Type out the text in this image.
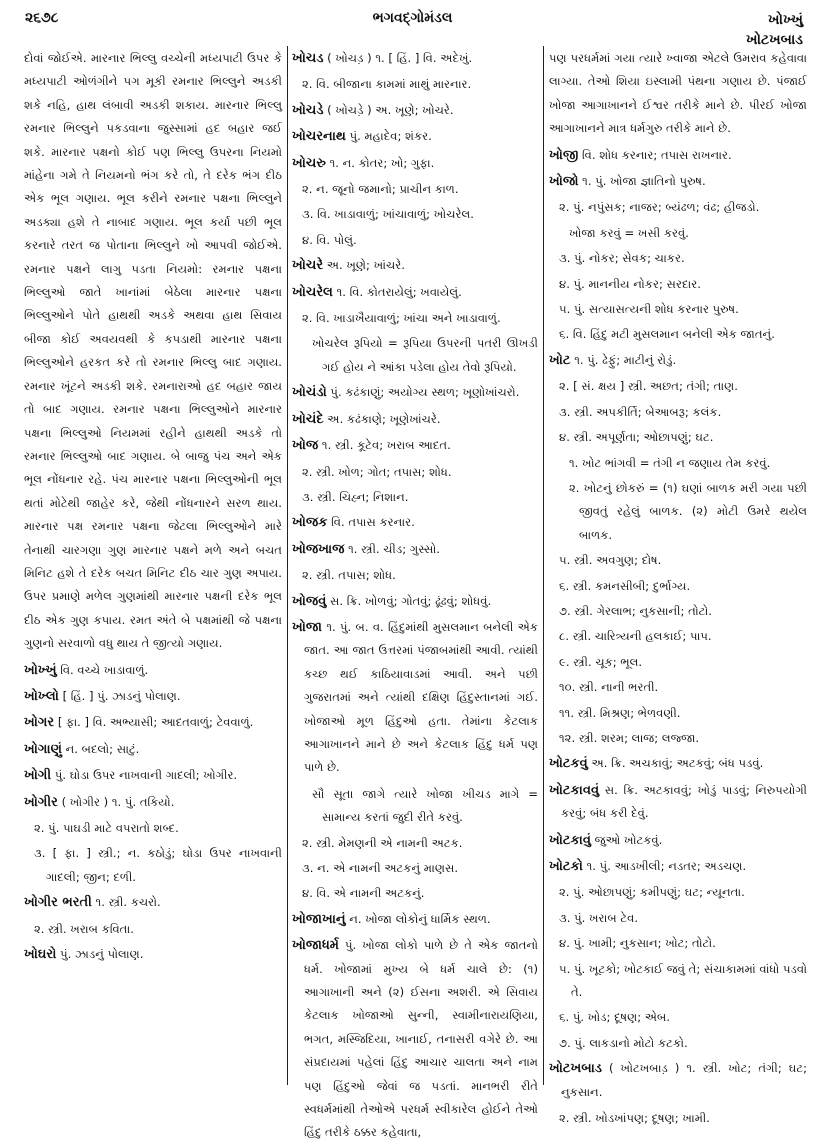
૨૬૭૮	ભગવદ્ગોમંડલ	ખોખ્ખું
ખોટખબાડ
દોવાં જોઈએ. મારનાર ભિલ્લુ વચ્ચેની મધ્યપાટી ઉપર કે મધ્યપાટી ઓળંગીને પગ મૂકી રમનાર ભિલ્લુને અડકી શકે નહિ, હાથ લંબાવી અડકી શકાય. મારનાર ભિલ્લુ રમનાર ભિલ્લુને પકડવાના જુસ્સામાં હદ બહાર જઈ શકે. મારનાર પક્ષનો કોઈ પણ ભિલ્લુ ઉપરના નિયમો માંહેના ગમે તે નિયમનો ભંગ કરે તો, તે દરેક ભંગ દીઠ એક ભૂલ ગણાય. ભૂલ કરીને રમનાર પક્ષના ભિલ્લુને અડક્યા હશે તે નાબાદ ગણાય. ભૂલ કર્યા પછી ભૂલ કરનારે તરત જ પોતાના ભિલ્લુને ખો આપવી જોઈએ. રમનાર પક્ષને લાગુ પડતા નિયમો: રમનાર પક્ષના ભિલ્લુઓ જાતે ખાનાંમાં બેઠેલા મારનાર પક્ષના ભિલ્લુઓને પોતે હાથથી અડકે અથવા હાથ સિવાય બીજા કોઈ અવયવથી કે કપડાથી મારનાર પક્ષના ભિલ્લુઓને હરકત કરે તો રમનાર ભિલ્લુ બાદ ગણાય. રમનાર ખૂંટને અડકી શકે. રમનારાઓ હદ બહાર જાય તો બાદ ગણાય. રમનાર પક્ષના ભિલ્લુઓને મારનાર પક્ષના ભિલ્લુઓ નિયમમાં રહીને હાથથી અડકે તો રમનાર ભિલ્લુઓ બાદ ગણાય. બે બાજુ પંચ અને એક ભૂલ નોંધનાર રહે. પંચ મારનાર પક્ષના ભિલ્લુઓની ભૂલ થતાં મોટેથી જાહેર કરે, જેથી નોંધનારને સરળ થાય. મારનાર પક્ષ રમનાર પક્ષના જેટલા ભિલ્લુઓને મારે તેનાથી ચારગણા ગુણ મારનાર પક્ષને મળે અને બચત મિનિટ હશે તે દરેક બચત મિનિટ દીઠ ચાર ગુણ અપાય. ઉપર પ્રમાણે મળેલ ગુણમાંથી મારનાર પક્ષની દરેક ભૂલ દીઠ એક ગુણ કપાય. રમત અંતે બે પક્ષમાંથી જે પક્ષના ગુણનો સરવાળો વધુ થાય તે જીત્યો ગણાય.
ખોખ્ખું વિ. વચ્ચે ખાડાવાળું.
ખોખ્લો [ હિં. ] પું. ઝાડનું પોલાણ.
ખોગર [ ફા. ] વિ. અભ્યાસી; આદતવાળું; ટેવવાળું.
ખોગાણું ન. બદલો; સાટું.
ખોગી પું. ઘોડા ઉપર નાખવાની ગાદલી; ખોગીર.
ખોગીર ( ખોગીર ) ૧. પું. તકિયો.
૨. પું. પાઘડી માટે વપરાતો શબ્દ.
૩. [ ફા. ] સ્ત્રી.; ન. કઠોડું; ઘોડા ઉપર નાખવાની ગાદલી; જીન; દળી.
ખોગીર ભરતી ૧. સ્ત્રી. કચરો.
૨. સ્ત્રી. ખરાબ કવિતા.
ખોઘરો પું. ઝાડનું પોલાણ.
ખોચડ ( ખોચડ઼ ) ૧. [ હિં. ] વિ. અદેખું.
૨. વિ. બીજાના કામમાં માથું મારનાર.
ખોચડે ( ખોચડ઼ે ) અ. ખૂણે; ખોચરે.
ખોચરનાથ પું. મહાદેવ; શંકર.
ખોચરુ ૧. ન. કોતર; ખો; ગુફા.
૨. ન. જૂનો જમાનો; પ્રાચીન કાળ.
૩. વિ. ખાડાવાળું; ખાંચાવાળું; ખોચરેલ.
૪. વિ. પોલું.
ખોચરે અ. ખૂણે; ખાંચરે.
ખોચરેલ ૧. વિ. કોતરાયેલું; ખવાયેલું.
૨. વિ. ખાડાખૈયાવાળું; ખાંચા અને ખાડાવાળું.
ખોચરેલ રૂપિયો = રૂપિયા ઉપરની પતરી ઊખડી ગઈ હોય ને આંકા પડેલા હોય તેવો રૂપિયો.
ખોચંડો પું. કઢંકાણું; અયોગ્ય સ્થળ; ખૂણોખાંચરો.
ખોચંદે અ. કઢંકાણે; ખૂણેખાંચરે.
ખોજ ૧. સ્ત્રી. કૂટેવ; ખરાબ આદત.
૨. સ્ત્રી. ખોળ; ગોત; તપાસ; શોધ.
૩. સ્ત્રી. ચિહ્ન; નિશાન.
ખોજક વિ. તપાસ કરનાર.
ખોજખાજ ૧. સ્ત્રી. ચીડ; ગુસ્સો.
૨. સ્ત્રી. તપાસ; શોધ.
ખોજવું સ. ક્રિ. ખોળવું; ગોતવું; ઢૂંઢવું; શોધવું.
ખોજા ૧. પું. બ. વ. હિંદુમાંથી મુસલમાન બનેલી એક જાત. આ જાત ઉત્તરમાં પંજાબમાંથી આવી. ત્યાંથી કચ્છ થઈ કાઠિયાવાડમાં આવી. અને પછી ગુજરાતમાં અને ત્યાંથી દક્ષિણ હિંદુસ્તાનમાં ગઈ. ખોજાઓ મૂળ હિંદુઓ હતા. તેમાંના કેટલાક આગાખાનને માને છે અને કેટલાક હિંદુ ધર્મ પણ પાળે છે.
સૌ સૂતા જાગે ત્યારે ખોજા ખીચડ માગે = સામાન્ય કરતાં જુદી રીતે કરવું.
૨. સ્ત્રી. મેમણની એ નામની અટક.
૩. ન. એ નામની અટકનું માણસ.
૪. વિ. એ નામની અટકનું.
ખોજાખાનું ન. ખોજા લોકોનું ધાર્મિક સ્થળ.
ખોજાધર્મ પું. ખોજા લોકો પાળે છે તે એક જાતનો ધર્મ. ખોજામાં મુખ્ય બે ધર્મ ચાલે છે: (૧) આગાખાની અને (૨) ઈસના અશરી. એ સિવાય કેટલાક ખોજાઓ સુન્ની, સ્વામીનારાયણિયા, ભગત, મસ્જિદિયા, ખાનાઈ, તનાસરી વગેરે છે. આ સંપ્રદાયમાં પહેલાં હિંદુ આચાર ચાલતા અને નામ પણ હિંદુઓ જેવાં જ પડતાં. માનભરી રીતે સ્વધર્મમાંથી તેઓએ પરધર્મ સ્વીકારેલ હોઈને તેઓ હિંદુ તરીકે ઠક્કર કહેવાતા,
પણ પરધર્મમાં ગયા ત્યારે ખ્વાજા એટલે ઉમરાવ કહેવાવા લાગ્યા. તેઓ શિયા ઇસ્લામી પંથના ગણાય છે. પંજાઈ ખોજા આગાખાનને ઈશ્વર તરીકે માને છે. પીરઈ ખોજા આગાખાનને માત્ર ધર્મગુરુ તરીકે માને છે.
ખોજી વિ. શોધ કરનાર; તપાસ રાખનાર.
ખોજો ૧. પું. ખોજા જ્ઞાતિનો પુરુષ.
૨. પું. નપુંસક; નાજર; બ્યંઢળ; વંઢ; હીજડો.
ખોજા કરવું = ખસી કરવું.
૩. પું. નોકર; સેવક; ચાકર.
૪. પું. માનનીય નોકર; સરદાર.
૫. પું. સત્યાસત્યની શોધ કરનાર પુરુષ.
૬. વિ. હિંદુ મટી મુસલમાન બનેલી એક જાતનું.
ખોટ ૧. પું. ઢેફું; માટીનું રોડું.
૨. [ સં. ક્ષય ] સ્ત્રી. અછત; તંગી; તાણ.
૩. સ્ત્રી. અપકીર્તિ; બેઆબરૂ; કલંક.
૪. સ્ત્રી. અપૂર્ણતા; ઓછાપણું; ઘટ.
૧. ખોટ ભાંગવી = તંગી ન જણાય તેમ કરવું.
૨. ખોટનું છોકરું = (૧) ઘણાં બાળક મરી ગયા પછી જીવતું રહેલું બાળક. (૨) મોટી ઉમરે થયેલ બાળક.
૫. સ્ત્રી. અવગુણ; દોષ.
૬. સ્ત્રી. કમનસીબી; દુર્ભાગ્ય.
૭. સ્ત્રી. ગેરલાભ; નુકસાની; તોટો.
૮. સ્ત્રી. ચારિત્ર્યની હલકાઈ; પાપ.
૯. સ્ત્રી. ચૂક; ભૂલ.
૧૦. સ્ત્રી. નાની ભરતી.
૧૧. સ્ત્રી. મિશ્રણ; ભેળવણી.
૧૨. સ્ત્રી. શરમ; લાજ; લજ્જા.
ખોટકવું અ. ક્રિ. અચકાવું; અટકવું; બંધ પડવું.
ખોટકાવવું સ. ક્રિ. અટકાવવું; ખોડું પાડવું; નિરુપયોગી કરવું; બંધ કરી દેવું.
ખોટકાવું જુઓ ખોટકવું.
ખોટકો ૧. પું. આડખીલી; નડતર; અડચણ.
૨. પું. ઓછાપણું; કમીપણું; ઘટ; ન્યૂનતા.
૩. પું. ખરાબ ટેવ.
૪. પું. ખામી; નુકસાન; ખોટ; તોટો.
૫. પું. ખૂટકો; ખોટકાઈ જવું તે; સંચાકામમાં વાંધો પડવો તે.
૬. પું. ખોડ; દૂષણ; એબ.
૭. પું. લાકડાનો મોટો કટકો.
ખોટખબાડ ( ખોટખબાડ઼ ) ૧. સ્ત્રી. ખોટ; તંગી; ઘટ; નુકસાન.
૨. સ્ત્રી. ખોડખાંપણ; દૂષણ; ખામી.
